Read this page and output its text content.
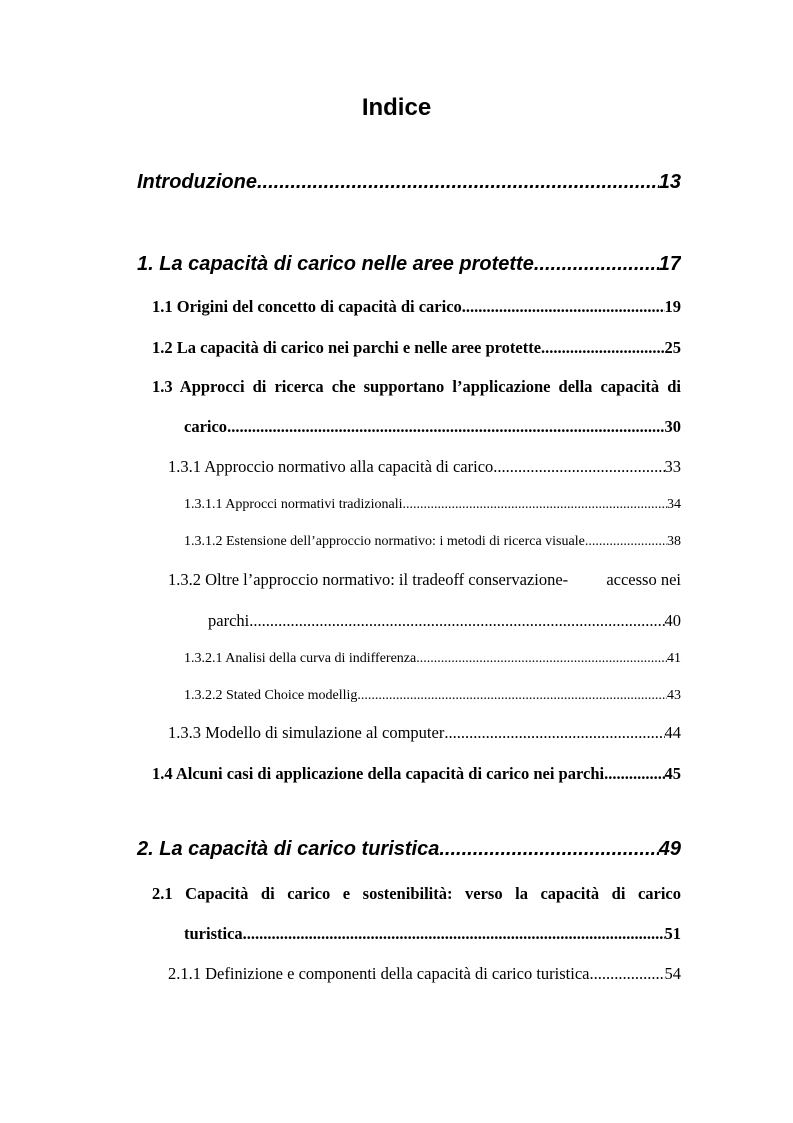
Indice
Introduzione .....	13
1. La capacità di carico nelle aree protette .....	17
1.1 Origini del concetto di capacità di carico .....	19
1.2 La capacità di carico nei parchi e nelle aree protette .....	25
1.3 Approcci di ricerca che supportano l’applicazione della capacità di
carico .....	30
1.3.1 Approccio normativo alla capacità di carico .....	33
1.3.1.1 Approcci normativi tradizionali .....	34
1.3.1.2 Estensione dell’approccio normativo: i metodi di ricerca visuale .....	38
1.3.2 Oltre l’approccio normativo: il tradeoff conservazione- accesso nei
parchi .....	40
1.3.2.1 Analisi della curva di indifferenza .....	41
1.3.2.2 Stated Choice modellig .....	43
1.3.3 Modello di simulazione al computer .....	44
1.4 Alcuni casi di applicazione della capacità di carico nei parchi .....	45
2. La capacità di carico turistica .....	49
2.1 Capacità di carico e sostenibilità: verso la capacità di carico
turistica .....	51
2.1.1 Definizione e componenti della capacità di carico turistica .....	54
